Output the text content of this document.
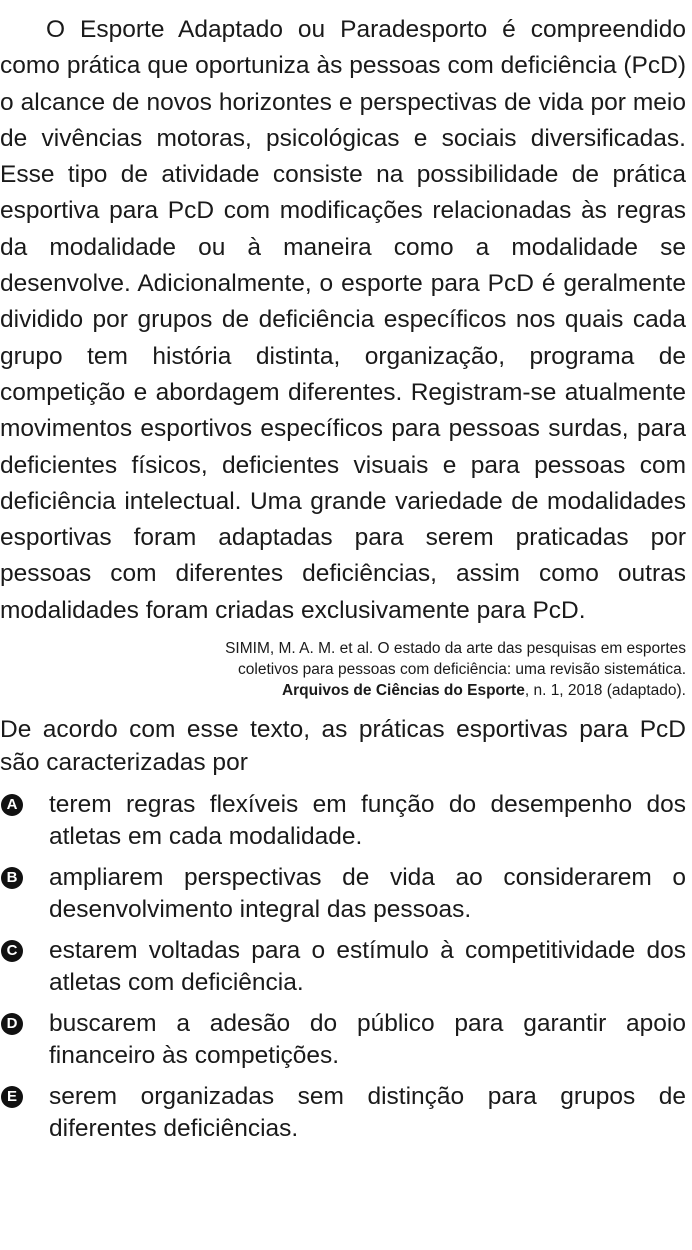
O Esporte Adaptado ou Paradesporto é compreendido como prática que oportuniza às pessoas com deficiência (PcD) o alcance de novos horizontes e perspectivas de vida por meio de vivências motoras, psicológicas e sociais diversificadas. Esse tipo de atividade consiste na possibilidade de prática esportiva para PcD com modificações relacionadas às regras da modalidade ou à maneira como a modalidade se desenvolve. Adicionalmente, o esporte para PcD é geralmente dividido por grupos de deficiência específicos nos quais cada grupo tem história distinta, organização, programa de competição e abordagem diferentes. Registram-se atualmente movimentos esportivos específicos para pessoas surdas, para deficientes físicos, deficientes visuais e para pessoas com deficiência intelectual. Uma grande variedade de modalidades esportivas foram adaptadas para serem praticadas por pessoas com diferentes deficiências, assim como outras modalidades foram criadas exclusivamente para PcD.

SIMIM, M. A. M. et al. O estado da arte das pesquisas em esportes
coletivos para pessoas com deficiência: uma revisão sistemática.
Arquivos de Ciências do Esporte, n. 1, 2018 (adaptado).

De acordo com esse texto, as práticas esportivas para PcD são caracterizadas por

A terem regras flexíveis em função do desempenho dos atletas em cada modalidade.
B ampliarem perspectivas de vida ao considerarem o desenvolvimento integral das pessoas.
C estarem voltadas para o estímulo à competitividade dos atletas com deficiência.
D buscarem a adesão do público para garantir apoio financeiro às competições.
E serem organizadas sem distinção para grupos de diferentes deficiências.
